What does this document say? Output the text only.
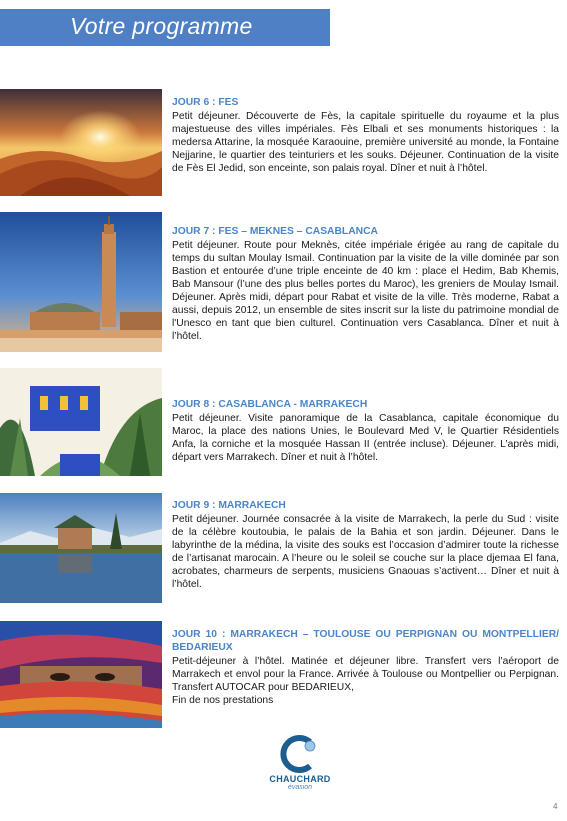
Votre programme

JOUR 6 : FES

Petit déjeuner. Découverte de Fès, la capitale spirituelle du royaume et la plus majestueuse des villes impériales. Fès Elbali et ses monuments historiques : la medersa Attarine, la mosquée Karaouine, première université au monde, la Fontaine Nejjarine, le quartier des teinturiers et les souks. Déjeuner. Continuation de la visite de Fès El Jedid, son enceinte, son palais royal. Dîner et nuit à l’hôtel.

JOUR 7 : FES – MEKNES – CASABLANCA

Petit déjeuner. Route pour Meknès, citée impériale érigée au rang de capitale du temps du sultan Moulay Ismail. Continuation par la visite de la ville dominée par son Bastion et entourée d’une triple enceinte de 40 km : place el Hedim, Bab Khemis, Bab Mansour (l’une des plus belles portes du Maroc), les greniers de Moulay Ismail. Déjeuner. Après midi, départ pour Rabat et visite de la ville. Très moderne, Rabat a aussi, depuis 2012, un ensemble de sites inscrit sur la liste du patrimoine mondial de l'Unesco en tant que bien culturel. Continuation vers Casablanca. Dîner et nuit à l’hôtel.

JOUR 8 : CASABLANCA - MARRAKECH

Petit déjeuner. Visite panoramique de la Casablanca, capitale économique du Maroc, la place des nations Unies, le Boulevard Med V, le Quartier Résidentiels Anfa, la corniche et la mosquée Hassan II (entrée incluse). Déjeuner. L’après midi, départ vers Marrakech. Dîner et nuit à l’hôtel.

JOUR 9 : MARRAKECH

Petit déjeuner. Journée consacrée à la visite de Marrakech, la perle du Sud : visite de la célèbre koutoubia, le palais de la Bahia et son jardin. Déjeuner. Dans le labyrinthe de la médina, la visite des souks est l’occasion d’admirer toute la richesse de l’artisanat marocain. A l’heure ou le soleil se couche sur la place djemaa El fana, acrobates, charmeurs de serpents, musiciens Gnaouas s’activent… Dîner et nuit à l’hôtel.

JOUR 10 : MARRAKECH – TOULOUSE OU PERPIGNAN OU MONTPELLIER/ BEDARIEUX

Petit-déjeuner à l’hôtel. Matinée et déjeuner libre. Transfert vers l’aéroport de Marrakech et envol pour la France. Arrivée à Toulouse ou Montpellier ou Perpignan. Transfert AUTOCAR pour BEDARIEUX,
Fin de nos prestations

CHAUCHARD
évasion
4
